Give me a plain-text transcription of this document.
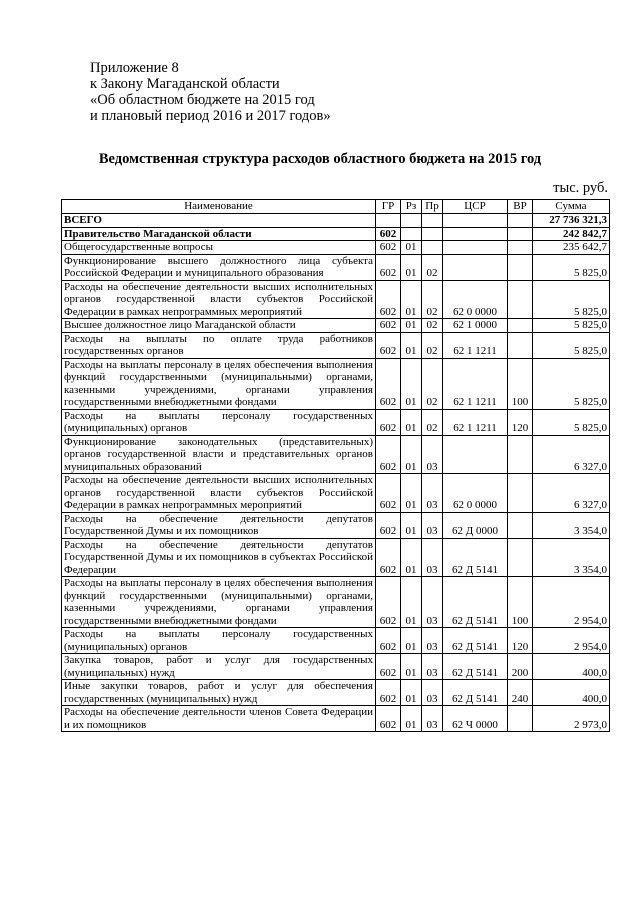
Приложение 8
к Закону Магаданской области
«Об областном бюджете на 2015 год
и плановый период 2016 и 2017 годов»
Ведомственная структура расходов областного бюджета на 2015 год
тыс. руб.
Наименование	ГР	Рз	Пр	ЦСР	ВР	Сумма
ВСЕГО						27 736 321,3
Правительство Магаданской области	602					242 842,7
Общегосударственные вопросы	602	01				235 642,7
Функционирование высшего должностного лица субъекта Российской Федерации и муниципального образования	602	01	02			5 825,0
Расходы на обеспечение деятельности высших исполнительных органов государственной власти субъектов Российской Федерации в рамках непрограммных мероприятий	602	01	02	62 0 0000		5 825,0
Высшее должностное лицо Магаданской области	602	01	02	62 1 0000		5 825,0
Расходы на выплаты по оплате труда работников государственных органов	602	01	02	62 1 1211		5 825,0
Расходы на выплаты персоналу в целях обеспечения выполнения функций государственными (муниципальными) органами, казенными учреждениями, органами управления государственными внебюджетными фондами	602	01	02	62 1 1211	100	5 825,0
Расходы на выплаты персоналу государственных (муниципальных) органов	602	01	02	62 1 1211	120	5 825,0
Функционирование законодательных (представительных) органов государственной власти и представительных органов муниципальных образований	602	01	03			6 327,0
Расходы на обеспечение деятельности высших исполнительных органов государственной власти субъектов Российской Федерации в рамках непрограммных мероприятий	602	01	03	62 0 0000		6 327,0
Расходы на обеспечение деятельности депутатов Государственной Думы и их помощников	602	01	03	62 Д 0000		3 354,0
Расходы на обеспечение деятельности депутатов Государственной Думы и их помощников в субъектах Российской Федерации	602	01	03	62 Д 5141		3 354,0
Расходы на выплаты персоналу в целях обеспечения выполнения функций государственными (муниципальными) органами, казенными учреждениями, органами управления государственными внебюджетными фондами	602	01	03	62 Д 5141	100	2 954,0
Расходы на выплаты персоналу государственных (муниципальных) органов	602	01	03	62 Д 5141	120	2 954,0
Закупка товаров, работ и услуг для государственных (муниципальных) нужд	602	01	03	62 Д 5141	200	400,0
Иные закупки товаров, работ и услуг для обеспечения государственных (муниципальных) нужд	602	01	03	62 Д 5141	240	400,0
Расходы на обеспечение деятельности членов Совета Федерации и их помощников	602	01	03	62 Ч 0000		2 973,0
